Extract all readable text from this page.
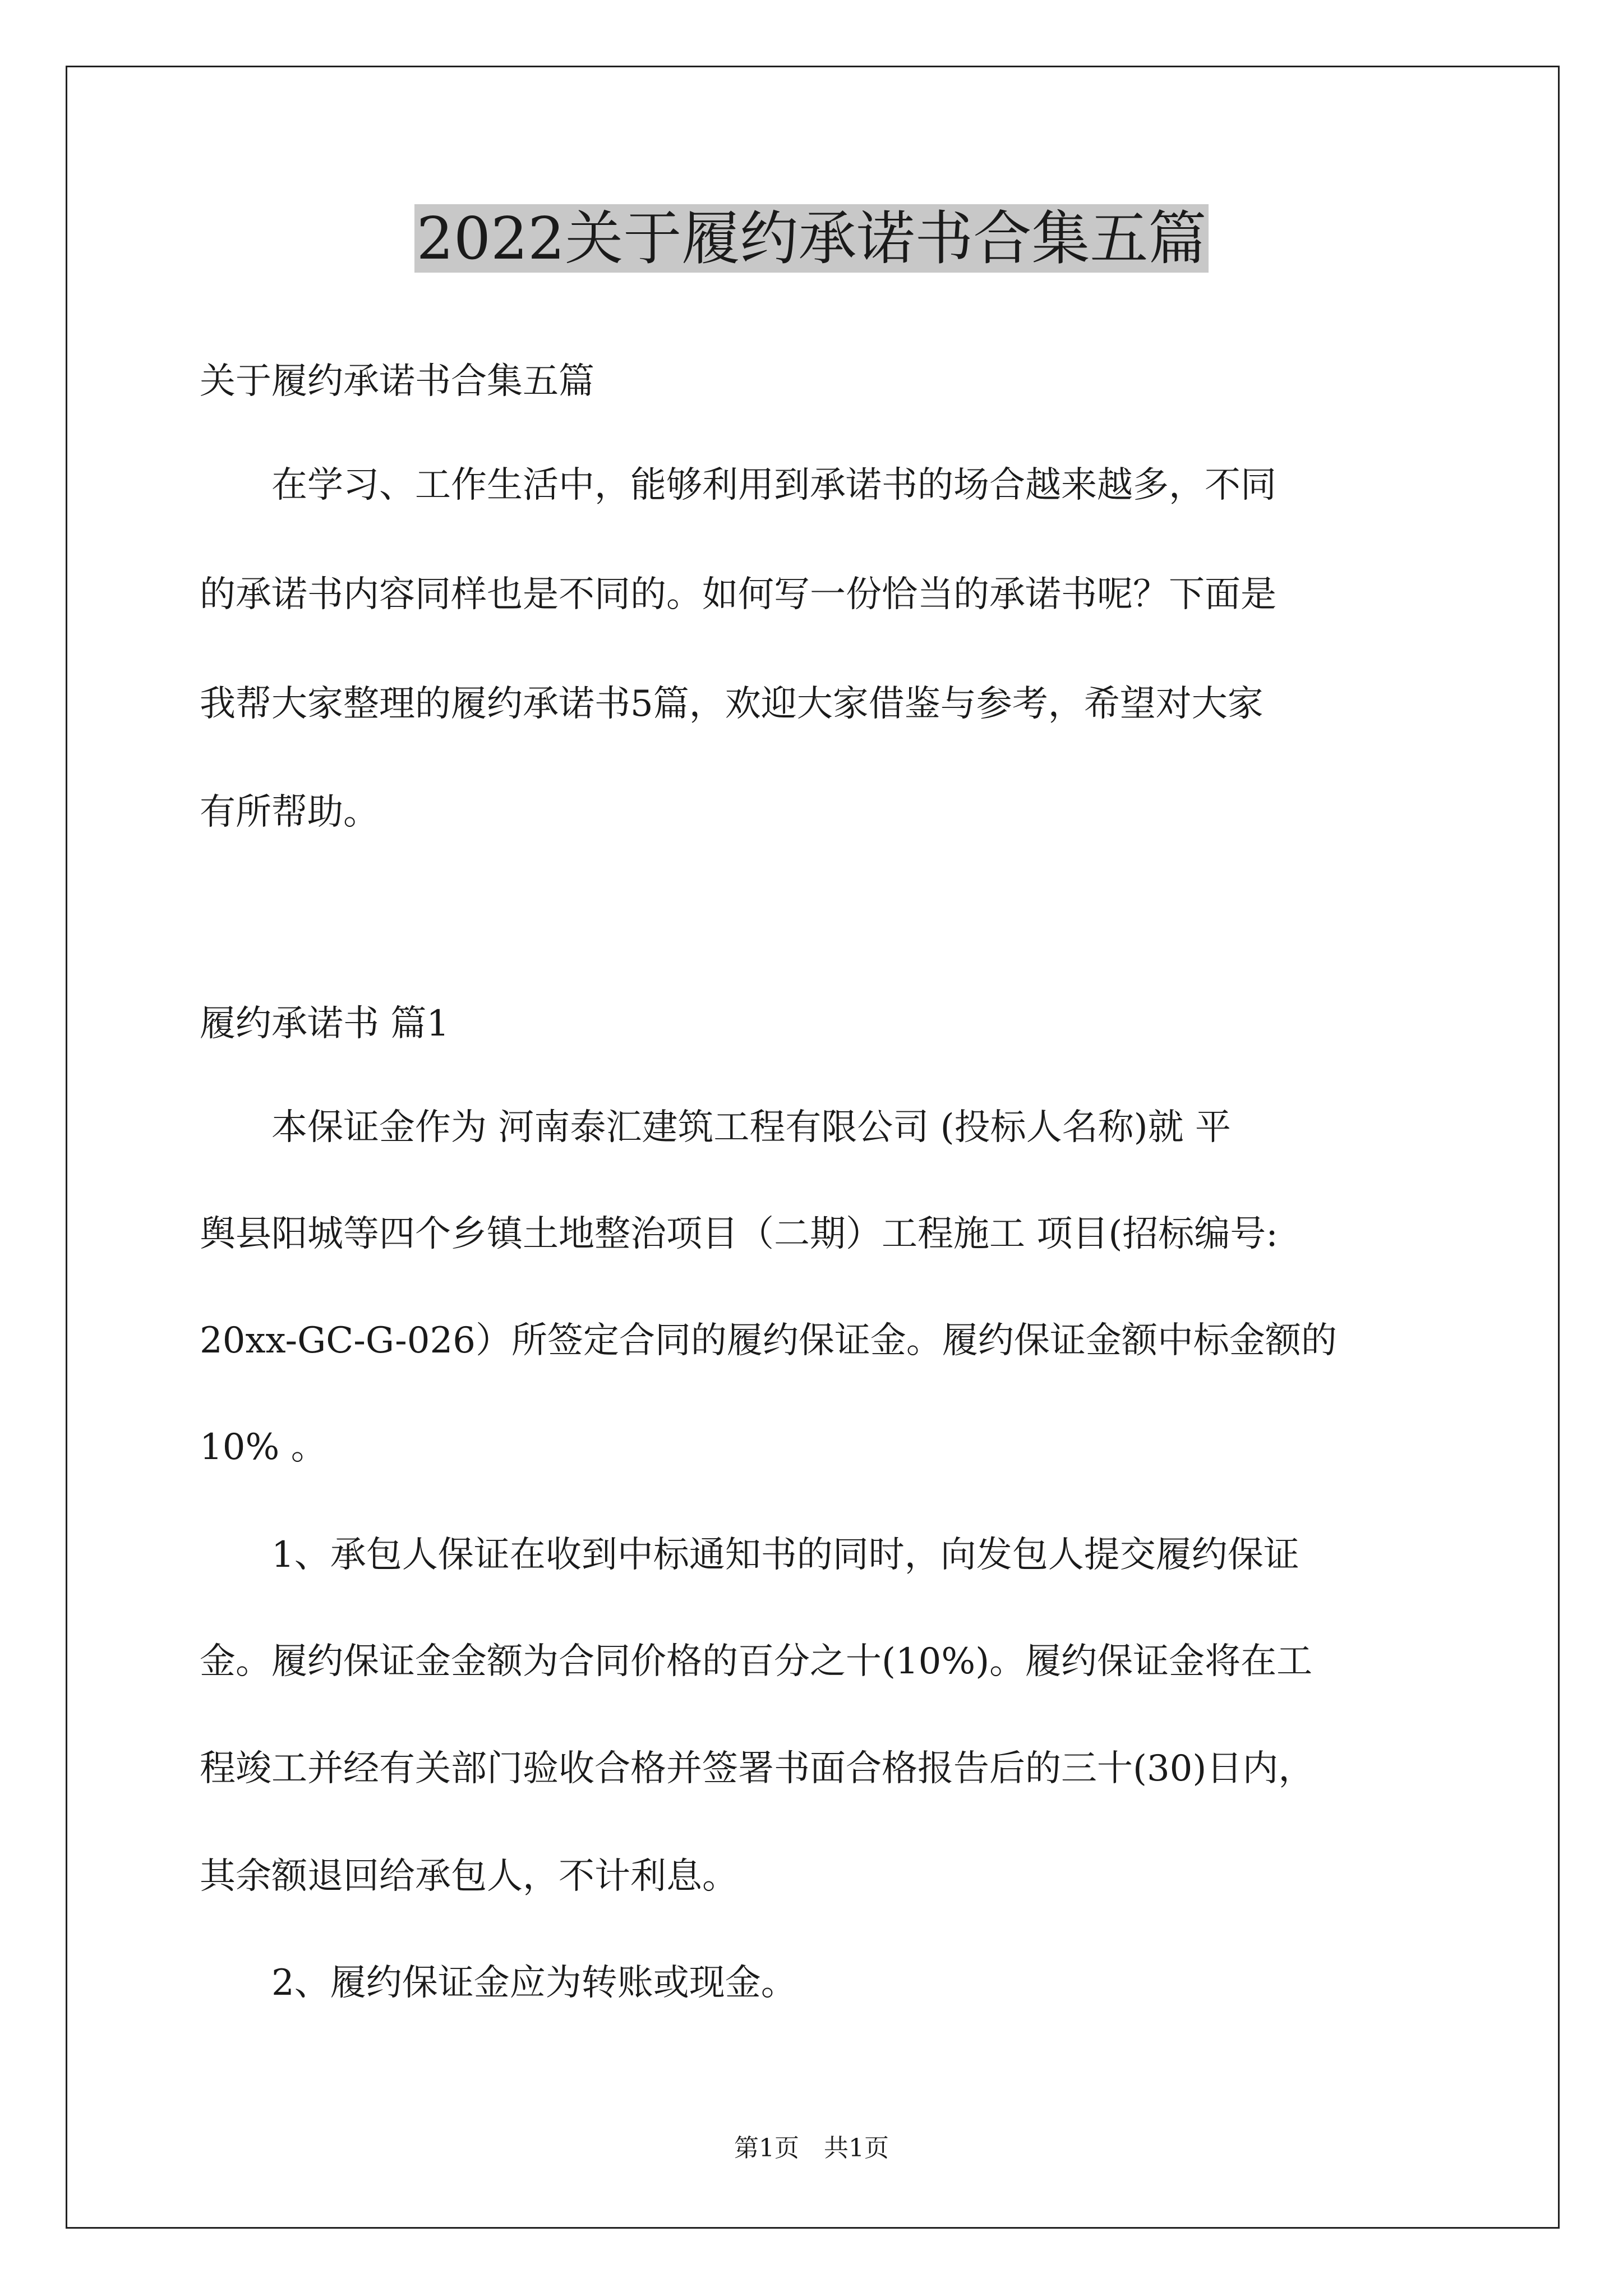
2022关于履约承诺书合集五篇

关于履约承诺书合集五篇

　　在学习、工作生活中，能够利用到承诺书的场合越来越多，不同

的承诺书内容同样也是不同的。如何写一份恰当的承诺书呢？下面是

我帮大家整理的履约承诺书5篇，欢迎大家借鉴与参考，希望对大家

有所帮助。

履约承诺书 篇1

　　本保证金作为 河南泰汇建筑工程有限公司 (投标人名称)就 平

舆县阳城等四个乡镇土地整治项目（二期）工程施工 项目(招标编号:

20xx-GC-G-026）所签定合同的履约保证金。履约保证金额中标金额的

10% 。

　　1、承包人保证在收到中标通知书的同时，向发包人提交履约保证

金。履约保证金金额为合同价格的百分之十(10%)。履约保证金将在工

程竣工并经有关部门验收合格并签署书面合格报告后的三十(30)日内，

其余额退回给承包人，不计利息。

　　2、履约保证金应为转账或现金。

第1页　共1页
